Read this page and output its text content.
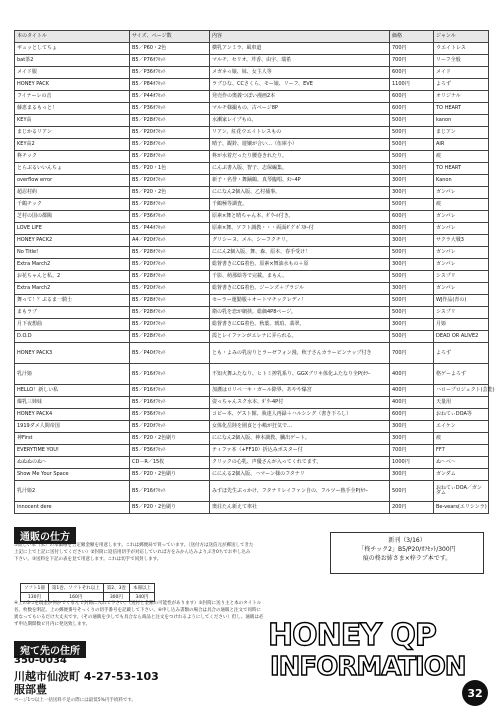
本のタイトル	サイズ、ページ数	内容	価格	ジャンル
ギュッとしてちょ	B5／P60・2色	横乳アンミラ、風車道	700円	ウエイトレス
bat茶2	B5／P76ｵﾌｾｯﾄ	マルチ、セリオ、芹香、由宇、瑞希	700円	リーフ全般
メイド服	B5／P36ｵﾌｾｯﾄ	メガネっ娘、妹、女主人等	600円	メイド
HONEY PACK	B5／P84ｵﾌｾｯﾄ	ラブひな、CCさくら、モー娘、リーフ、EVE	1100円	よろず
フイナーレの音	B5／P44ｵﾌｾｯﾄ	発売作の奥義つぽい漫画2本	600円	オリジナル
藤恵まるもっと！	B5／P36ｵﾌｾｯﾄ	マルチ様撮もの、古ページ8P	600円	TO HEART
KEY高	B5／P28ｵﾌｾｯﾄ	水瀬家レイプもの。	500円	kanon
まじかるリアン	B5／P20ｵﾌｾｯﾄ	リアン、紅花ウエイトレスもの	500円	まじアン
KEY高2	B5／P28ｵﾌｾｯﾄ	晴子、観鈴、遊嬢が合い…（伍庫小）	500円	AIR
柊チック	B5／P28ｵﾌｾｯﾄ	柊が水着だったり腰巻きれたり。	500円	痕
とらぶるいいんちょ	B5／P20・1色	にんぶ書入版、智子、志保編集。	300円	TO HEART
overflow error	B5／P20ｵﾌｾｯﾄ	新子・名誉・舞踊鶴、真琴臨唱、ﾀﾝｰ4P	300円	Kanon
超忍村約	B5／P20・2色	にになん2個入版、乙村捕事。	300円	ガンパレ
千鶴チック	B5／P28ｵﾌｾｯﾄ	千鶴極等調査。	500円	痕
芝村の国の都陽	B5／P36ｵﾌｾｯﾄ	原素×舞と晴ちゃん本、ﾀﾞｳｰﾙ付き。	600円	ガンパレ
LOVE LIFE	B5／P44ｵﾌｾｯﾄ	原素×舞、ソフト調教・・・両面ﾀﾞｸﾞﾎﾟｽﾀｰ付	800円	ガンパレ
HONEY PACK2	A4／P20ｵﾌｾｯﾄ	グリシーヌ、メル、シーフクチリ。	300円	サクラ大戦3
No Title!	B5／P28ｵﾌｾｯﾄ	ににん2個入版、舞、森、原本、春手受け！	500円	ガンパレ
Extra March2	B5／P20ｵﾌｾｯﾄ	総督書きにCG着色、原素×舞油水もの＋原	300円	ガンパレ
お花ちゃんと私。2	B5／P28ｵﾌｾｯﾄ	千影、萌那絵等で完載。まもん。	500円	シスプリ
Extra March2	B5／P20ｵﾌｾｯﾄ	総督書きにCG着色、ジーンズ＋ブラジル	300円	ガンパレ
舞って！？ぷるま一騎士	B5／P28ｵﾌｾｯﾄ	セーラー運勤服＋オートマチックレディ！	500円	WJ作品(青の)
まもラブ	B5／P28ｵﾌｾｯﾄ	衛の乳を恋が網挟。総価4P8ページ。	500円	シスプリ
月下夜想曲	B5／P20ｵﾌｾｯﾄ	総督書きにCG着色、秋葉、琥珀、翡翠。	300円	月姫
D.O.D	B5／P28ｵﾌｾｯﾄ	霞とレイファンがエレナに弄られる。	500円	DEAD OR ALIVE2
HONEY PACK3	B5／P40ｵﾌｾｯﾄ	とも・よみの乳房りとラーゼフォン漫、秋子さんカラーピンナップ付き	700円	よろず
乳汁姫	B5／P16ｵﾌｾｯﾄ	不知火舞ふたなり、ヒトミ搾乳系り、GGXブリキ体化ふたなり全P(ｶﾗｰ	400円	格ゲーよろず
HELLO！新しい私	B5／P16ｵﾌｾｯﾄ	加護はロリペ一キ・ガール除界、あやや爆宮	400円	ハロープロジェクト(芸能)
爆乳三姉妹	B5／P16ｵﾌｾｯﾄ	姿っちゃんスク水本、ﾀﾞｳｰ4P付	400円	天量用
HONEY PACK4	B5／P36ｵﾌｾｯﾄ	コピー本、ゲスト館、執達人再録＋ハルシシグ（書き下ろし）	600円	おねてぃDOA等
1919ダメ人間帝国	B5／P20ｵﾌｾｯﾄ	女体化岳陸を圏食と小嶋が狂気で…	300円	エイケン
神First	B5／P20・2色刷り	にになん2個入版、神本調教、臓出ゲート。	300円	痕
EVERYTIME YOU!	B5／P36ｵﾌｾｯﾄ	ティファ本（+FF10）折込みポスター付	700円	FF7
ぬぬぬのぬ～	CD－R／15枚	クリックの心乳、声優さんが入ってくれてます。	1000円	ぬ～べ～
Show Me Your Space	B5／P20・2色刷り	ににんる2個入版、ハマーン様のフタナリ	300円	ガンダム
乳汁姫2	B5／P16ｵﾌｾｯﾄ	みずほ先生ぷっかけ、フタナリレイファン自の、フルツー熱手全P(ｶﾗｰ	500円	おねてぃDOA／ガンダム
innocent dere	B5／P20・2色刷り	奥荘たん新えて車社	200円	Be-vears(エリシンラ)
通販の仕方
①欲しい本（本）の本価格を合定額金額を用意します。これは郵便局で買っています。（送付方は送信元が郵送してきた上記に上で上記に送付してください）②封筒に返信用切手が対応していれば方をみかん込みよりぶき0ちでお申し込み下さい。③送料を下記の表を見て用意します。これは切手で同封します。
ソフト1冊	第1巻、ソフトそれ以上	第2、3巻	本冊以上
130円	160円	300円	340円
④上の3つを現金か何かでくるんで封筒に入れて下さい。（送付と金額の可能性があります）⑤封筒に送り主と本のタイトル名、枚数を明記、上の郵便番号そっくりの切手番号を記載して下さい。⑥申し込み書類の場合は具合の通販と注文で同時に異なってもいるだけ大丈夫です。（その通販を少しでも具合なら商品と注文をつけれるようにしてください）但し、通販は必ず申込期間数ピ月内に発送致します。
宛て先の住所
350-0034
川越市仙波町 4-27-53-103
服部豊
ページ1つ以上一括送料不足の際には最低5%円手続料です。
新刊（3/16）
「柊チック2」B5/P20/ｵﾌｾｯﾄ/300円
痕の柊お姉さま×梓ラブ本です。
HONEY QP
INFORMATION
32
